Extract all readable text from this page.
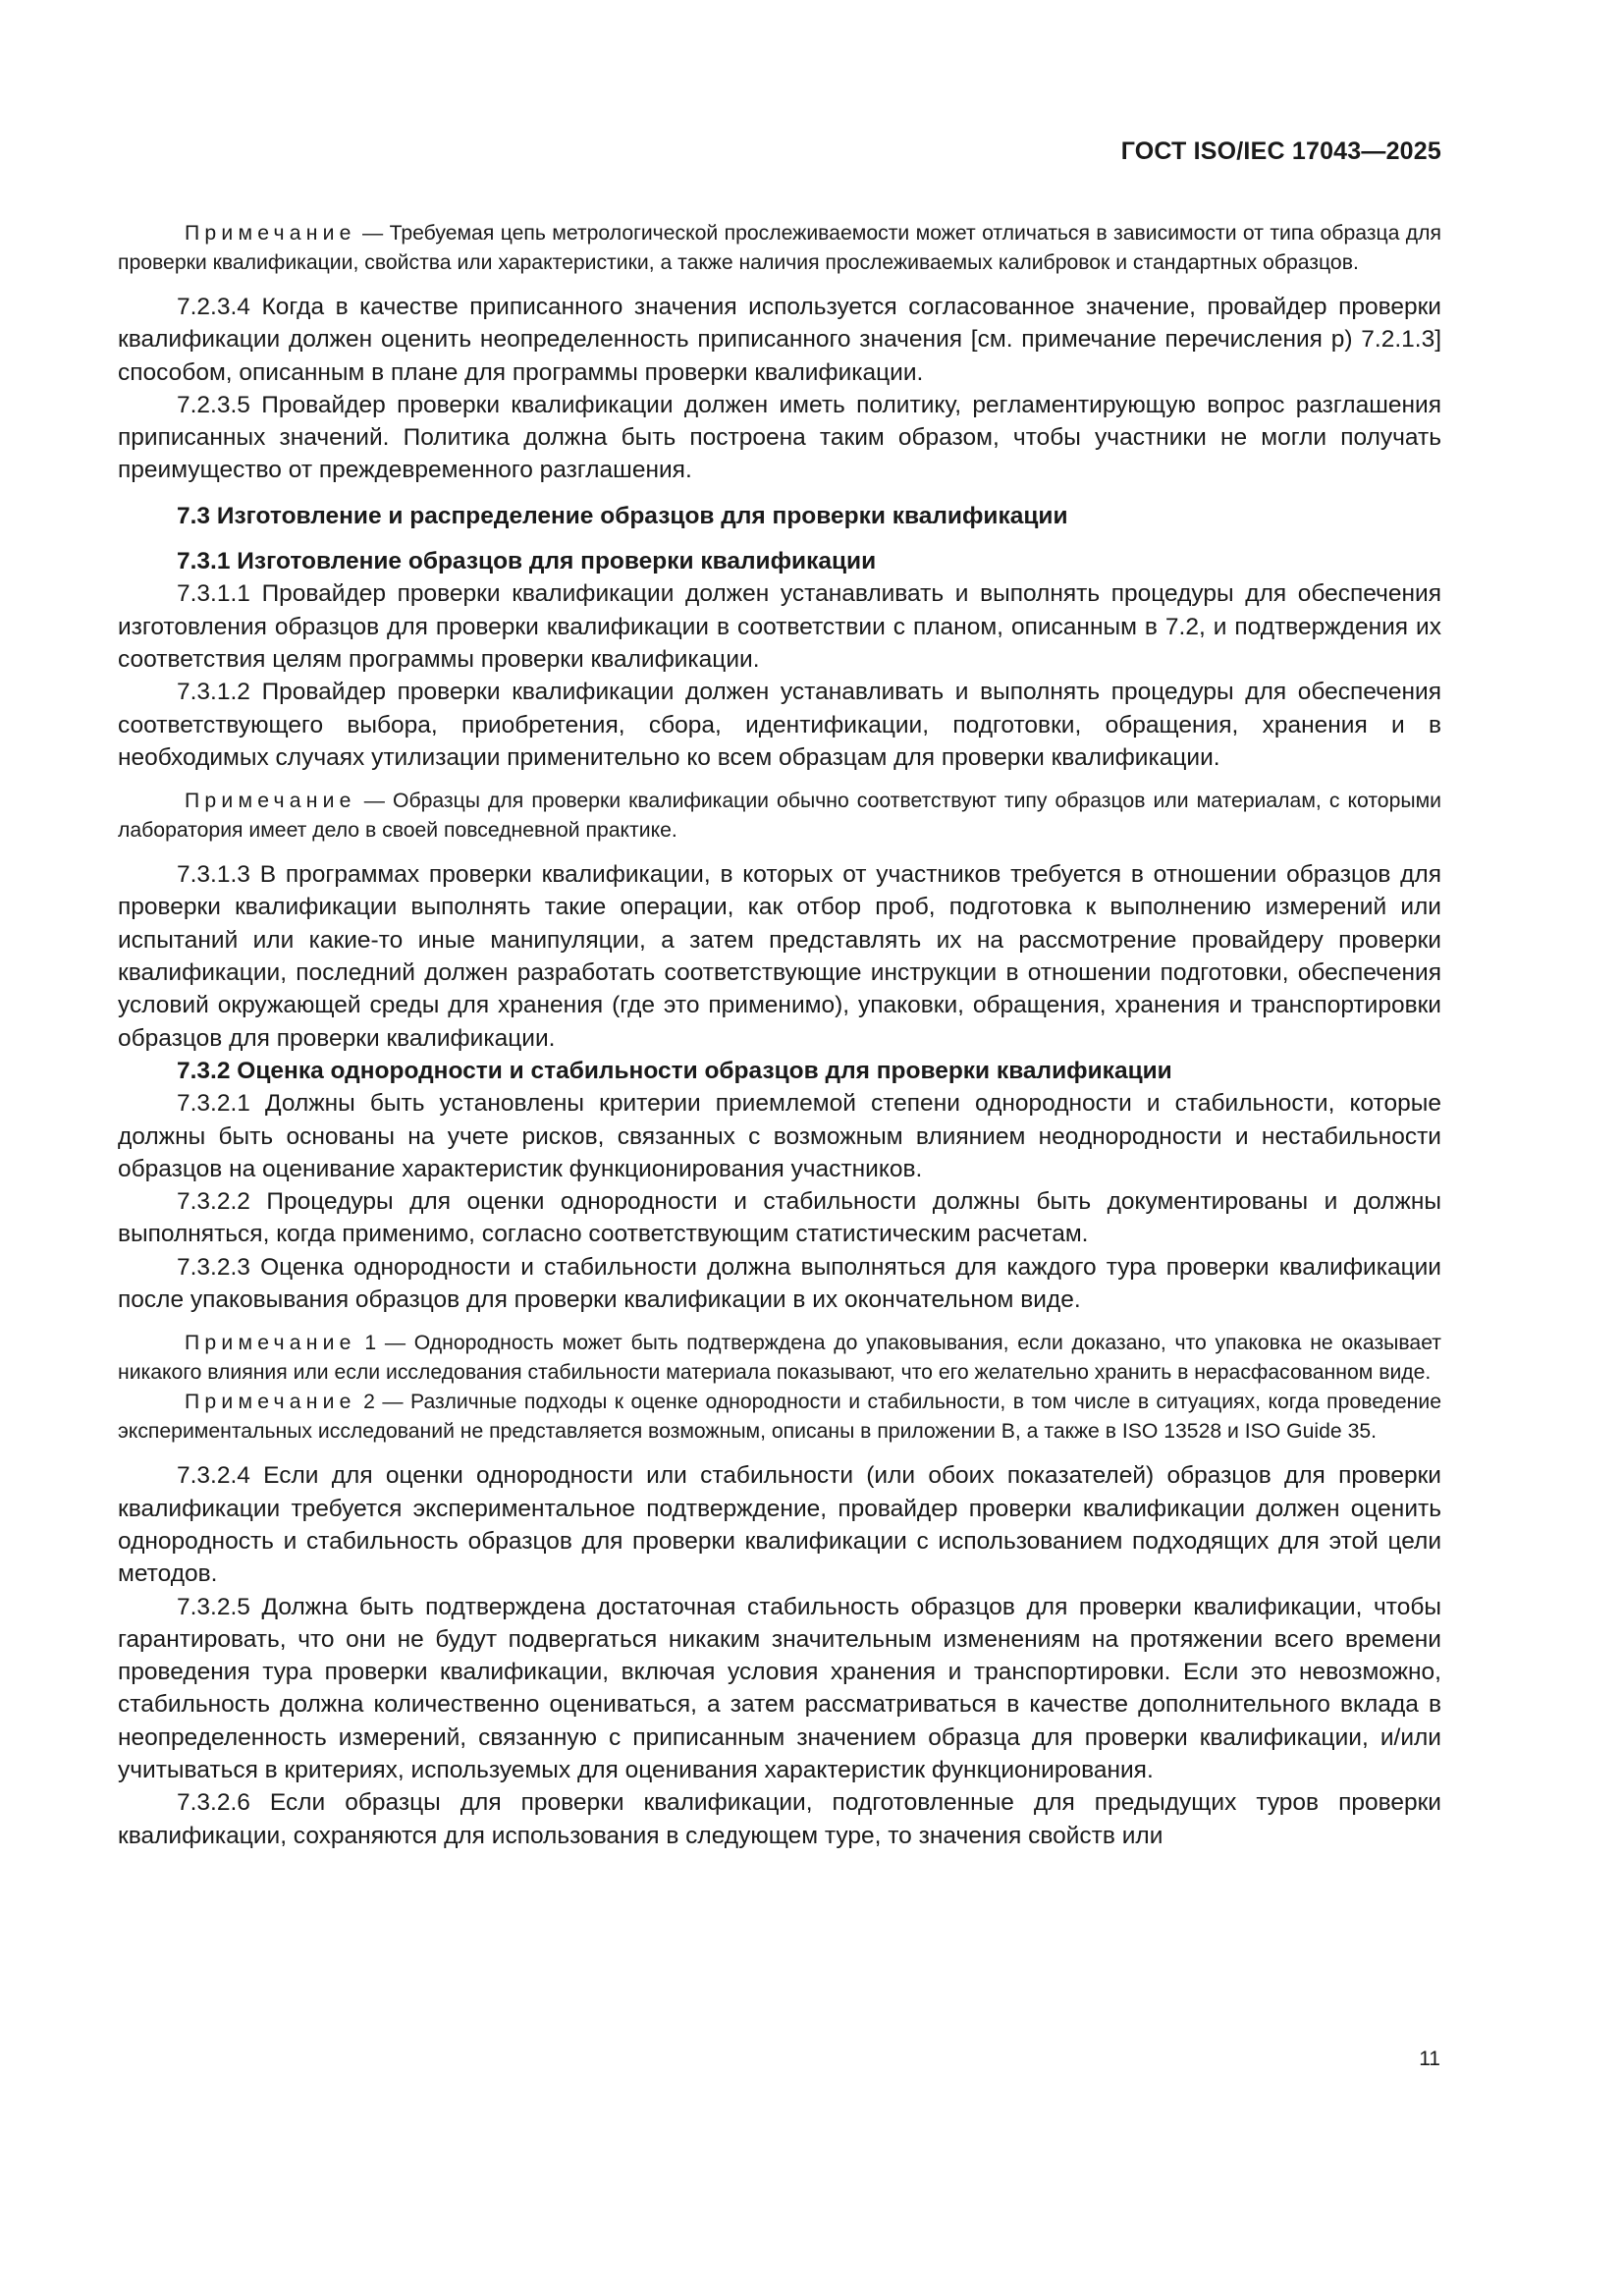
ГОСТ ISO/IEC 17043—2025

Примечание — Требуемая цепь метрологической прослеживаемости может отличаться в зависимости от типа образца для проверки квалификации, свойства или характеристики, а также наличия прослеживаемых калибровок и стандартных образцов.

7.2.3.4 Когда в качестве приписанного значения используется согласованное значение, провайдер проверки квалификации должен оценить неопределенность приписанного значения [см. примечание перечисления р) 7.2.1.3] способом, описанным в плане для программы проверки квалификации.

7.2.3.5 Провайдер проверки квалификации должен иметь политику, регламентирующую вопрос разглашения приписанных значений. Политика должна быть построена таким образом, чтобы участники не могли получать преимущество от преждевременного разглашения.

7.3 Изготовление и распределение образцов для проверки квалификации
7.3.1 Изготовление образцов для проверки квалификации

7.3.1.1 Провайдер проверки квалификации должен устанавливать и выполнять процедуры для обеспечения изготовления образцов для проверки квалификации в соответствии с планом, описанным в 7.2, и подтверждения их соответствия целям программы проверки квалификации.

7.3.1.2 Провайдер проверки квалификации должен устанавливать и выполнять процедуры для обеспечения соответствующего выбора, приобретения, сбора, идентификации, подготовки, обращения, хранения и в необходимых случаях утилизации применительно ко всем образцам для проверки квалификации.

Примечание — Образцы для проверки квалификации обычно соответствуют типу образцов или материалам, с которыми лаборатория имеет дело в своей повседневной практике.

7.3.1.3 В программах проверки квалификации, в которых от участников требуется в отношении образцов для проверки квалификации выполнять такие операции, как отбор проб, подготовка к выполнению измерений или испытаний или какие-то иные манипуляции, а затем представлять их на рассмотрение провайдеру проверки квалификации, последний должен разработать соответствующие инструкции в отношении подготовки, обеспечения условий окружающей среды для хранения (где это применимо), упаковки, обращения, хранения и транспортировки образцов для проверки квалификации.

7.3.2 Оценка однородности и стабильности образцов для проверки квалификации

7.3.2.1 Должны быть установлены критерии приемлемой степени однородности и стабильности, которые должны быть основаны на учете рисков, связанных с возможным влиянием неоднородности и нестабильности образцов на оценивание характеристик функционирования участников.

7.3.2.2 Процедуры для оценки однородности и стабильности должны быть документированы и должны выполняться, когда применимо, согласно соответствующим статистическим расчетам.

7.3.2.3 Оценка однородности и стабильности должна выполняться для каждого тура проверки квалификации после упаковывания образцов для проверки квалификации в их окончательном виде.

Примечание 1 — Однородность может быть подтверждена до упаковывания, если доказано, что упаковка не оказывает никакого влияния или если исследования стабильности материала показывают, что его желательно хранить в нерасфасованном виде.

Примечание 2 — Различные подходы к оценке однородности и стабильности, в том числе в ситуациях, когда проведение экспериментальных исследований не представляется возможным, описаны в приложении В, а также в ISO 13528 и ISO Guide 35.

7.3.2.4 Если для оценки однородности или стабильности (или обоих показателей) образцов для проверки квалификации требуется экспериментальное подтверждение, провайдер проверки квалификации должен оценить однородность и стабильность образцов для проверки квалификации с использованием подходящих для этой цели методов.

7.3.2.5 Должна быть подтверждена достаточная стабильность образцов для проверки квалификации, чтобы гарантировать, что они не будут подвергаться никаким значительным изменениям на протяжении всего времени проведения тура проверки квалификации, включая условия хранения и транспортировки. Если это невозможно, стабильность должна количественно оцениваться, а затем рассматриваться в качестве дополнительного вклада в неопределенность измерений, связанную с приписанным значением образца для проверки квалификации, и/или учитываться в критериях, используемых для оценивания характеристик функционирования.

7.3.2.6 Если образцы для проверки квалификации, подготовленные для предыдущих туров проверки квалификации, сохраняются для использования в следующем туре, то значения свойств или

11
